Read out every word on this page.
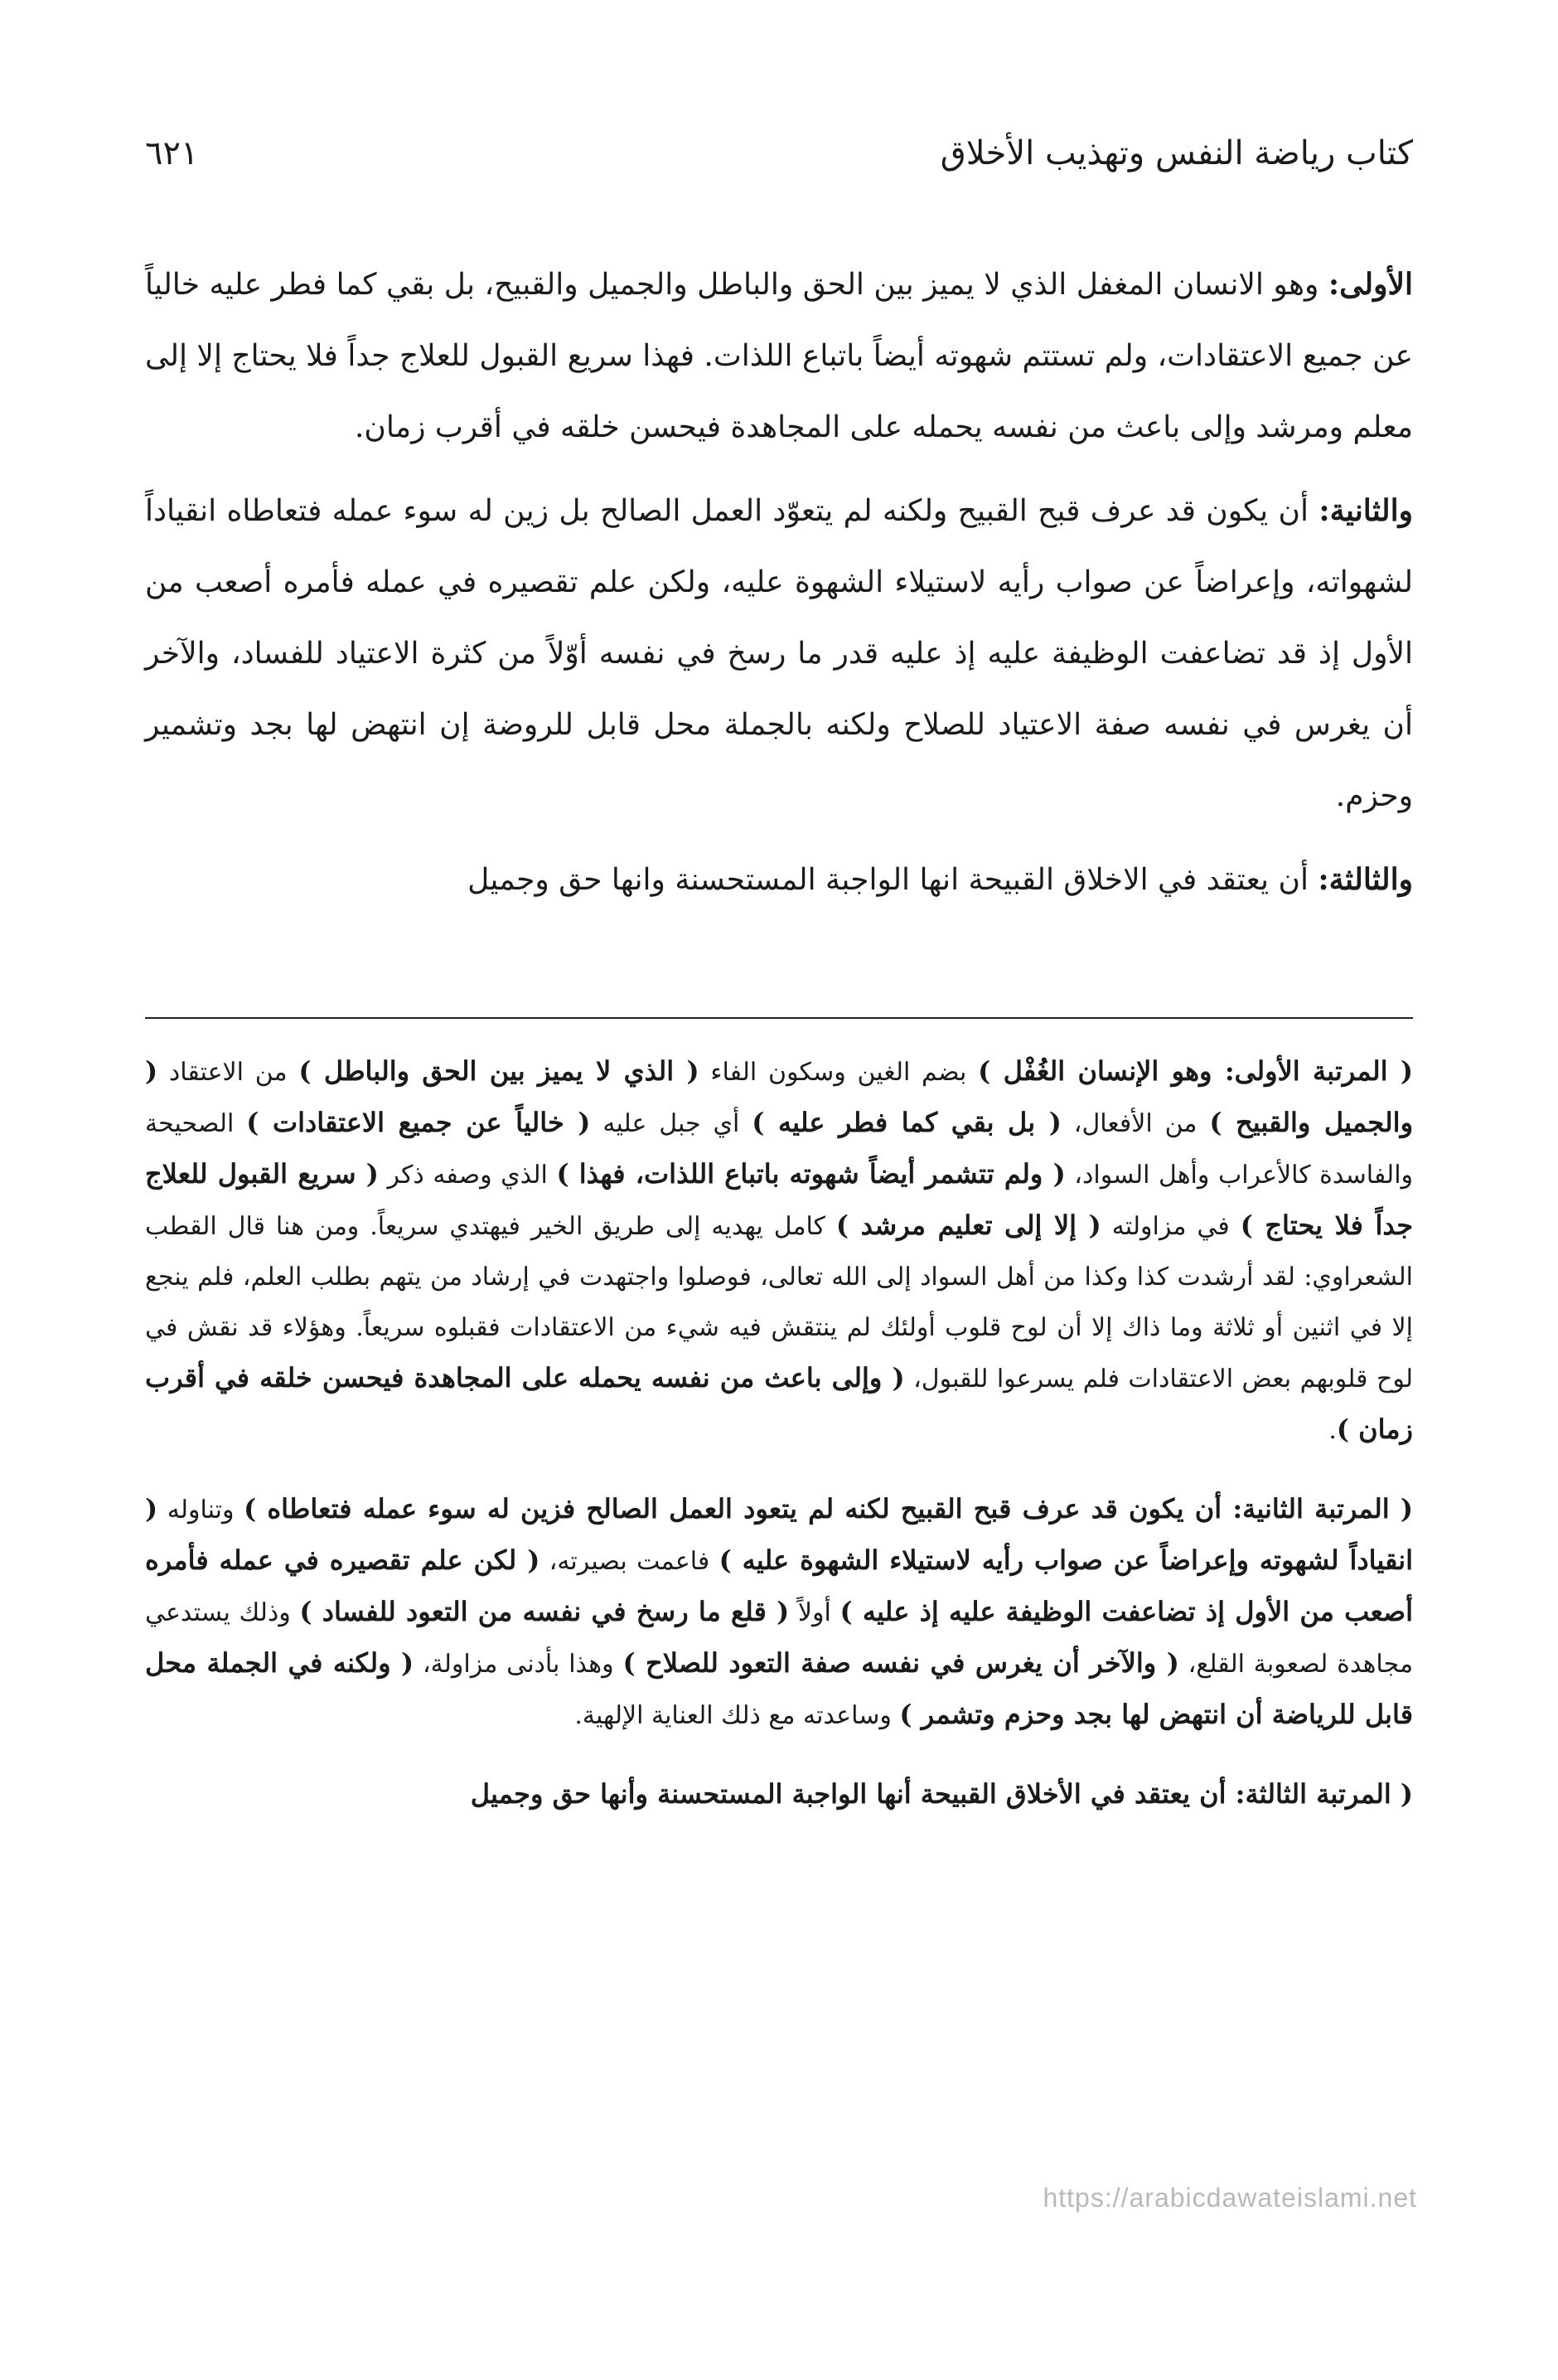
كتاب رياضة النفس وتهذيب الأخلاق
٦٢١

الأولى: وهو الانسان المغفل الذي لا يميز بين الحق والباطل والجميل والقبيح، بل بقي كما فطر عليه خالياً عن جميع الاعتقادات، ولم تستتم شهوته أيضاً باتباع اللذات. فهذا سريع القبول للعلاج جداً فلا يحتاج إلا إلى معلم ومرشد وإلى باعث من نفسه يحمله على المجاهدة فيحسن خلقه في أقرب زمان.

والثانية: أن يكون قد عرف قبح القبيح ولكنه لم يتعوّد العمل الصالح بل زين له سوء عمله فتعاطاه انقياداً لشهواته، وإعراضاً عن صواب رأيه لاستيلاء الشهوة عليه، ولكن علم تقصيره في عمله فأمره أصعب من الأول إذ قد تضاعفت الوظيفة عليه إذ عليه قدر ما رسخ في نفسه أوّلاً من كثرة الاعتياد للفساد، والآخر أن يغرس في نفسه صفة الاعتياد للصلاح ولكنه بالجملة محل قابل للروضة إن انتهض لها بجد وتشمير وحزم.

والثالثة: أن يعتقد في الاخلاق القبيحة انها الواجبة المستحسنة وانها حق وجميل

( المرتبة الأولى: وهو الإنسان الغُفْل ) بضم الغين وسكون الفاء ( الذي لا يميز بين الحق والباطل ) من الاعتقاد ( والجميل والقبيح ) من الأفعال، ( بل بقي كما فطر عليه ) أي جبل عليه ( خالياً عن جميع الاعتقادات ) الصحيحة والفاسدة كالأعراب وأهل السواد، ( ولم تتشمر أيضاً شهوته باتباع اللذات، فهذا ) الذي وصفه ذكر ( سريع القبول للعلاج جداً فلا يحتاج ) في مزاولته ( إلا إلى تعليم مرشد ) كامل يهديه إلى طريق الخير فيهتدي سريعاً. ومن هنا قال القطب الشعراوي: لقد أرشدت كذا وكذا من أهل السواد إلى الله تعالى، فوصلوا واجتهدت في إرشاد من يتهم بطلب العلم، فلم ينجع إلا في اثنين أو ثلاثة وما ذاك إلا أن لوح قلوب أولئك لم ينتقش فيه شيء من الاعتقادات فقبلوه سريعاً. وهؤلاء قد نقش في لوح قلوبهم بعض الاعتقادات فلم يسرعوا للقبول، ( وإلى باعث من نفسه يحمله على المجاهدة فيحسن خلقه في أقرب زمان ).

( المرتبة الثانية: أن يكون قد عرف قبح القبيح لكنه لم يتعود العمل الصالح فزين له سوء عمله فتعاطاه ) وتناوله ( انقياداً لشهوته وإعراضاً عن صواب رأيه لاستيلاء الشهوة عليه ) فاعمت بصيرته، ( لكن علم تقصيره في عمله فأمره أصعب من الأول إذ تضاعفت الوظيفة عليه إذ عليه ) أولاً ( قلع ما رسخ في نفسه من التعود للفساد ) وذلك يستدعي مجاهدة لصعوبة القلع، ( والآخر أن يغرس في نفسه صفة التعود للصلاح ) وهذا بأدنى مزاولة، ( ولكنه في الجملة محل قابل للرياضة أن انتهض لها بجد وحزم وتشمر ) وساعدته مع ذلك العناية الإلهية.

( المرتبة الثالثة: أن يعتقد في الأخلاق القبيحة أنها الواجبة المستحسنة وأنها حق وجميل

https://arabicdawateislami.net
